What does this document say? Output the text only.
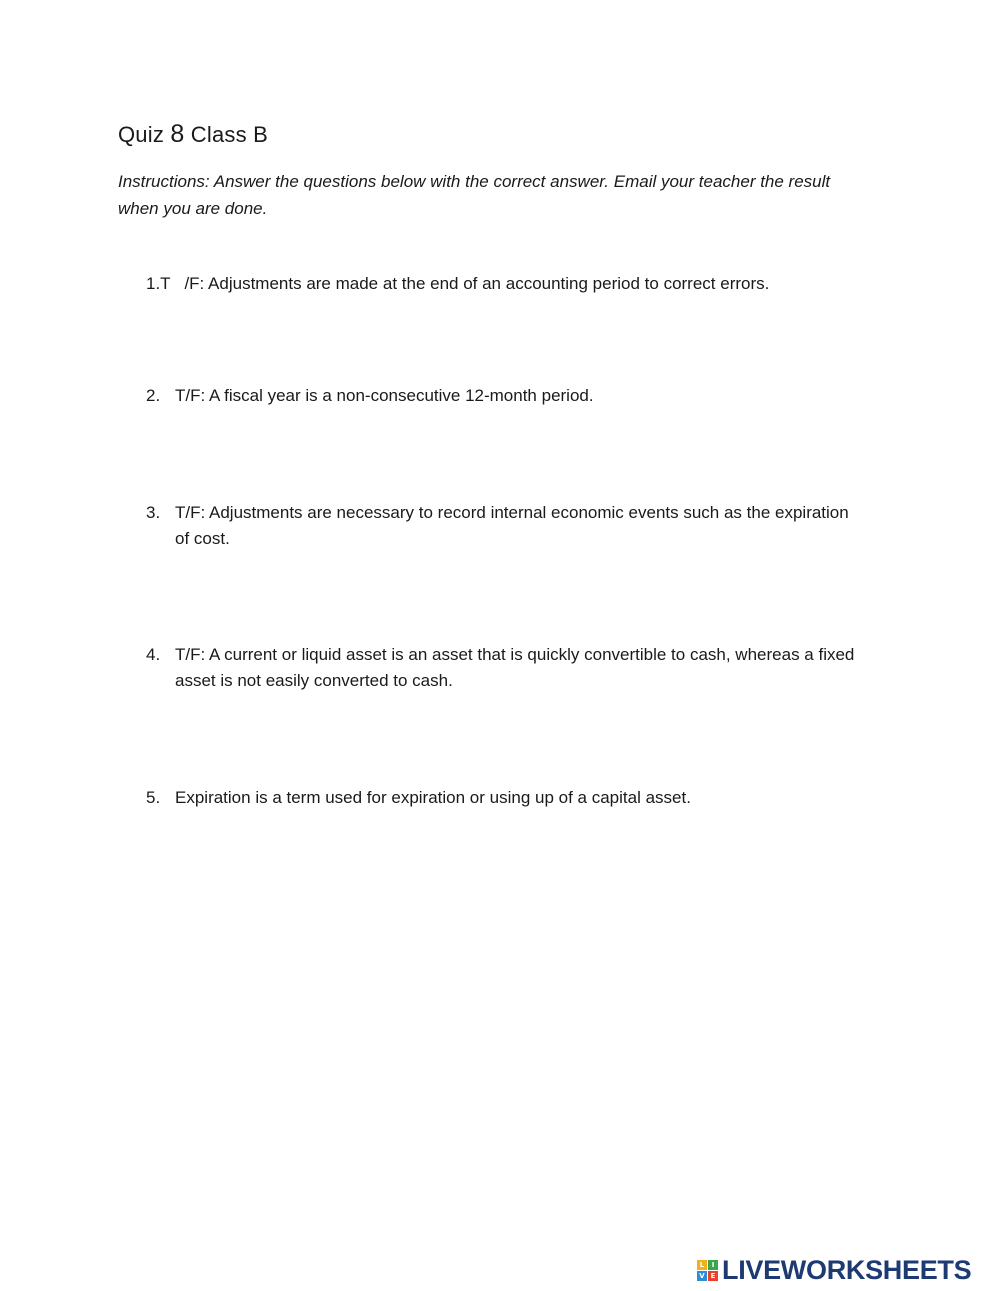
Quiz 8 Class B
Instructions: Answer the questions below with the correct answer. Email your teacher the result when you are done.
1.T   /F: Adjustments are made at the end of an accounting period to correct errors.
2. T/F: A fiscal year is a non-consecutive 12-month period.
3. T/F: Adjustments are necessary to record internal economic events such as the expiration of cost.
4. T/F: A current or liquid asset is an asset that is quickly convertible to cash, whereas a fixed asset is not easily converted to cash.
5. Expiration is a term used for expiration or using up of a capital asset.
L	I
V E LIVEWORKSHEETS
